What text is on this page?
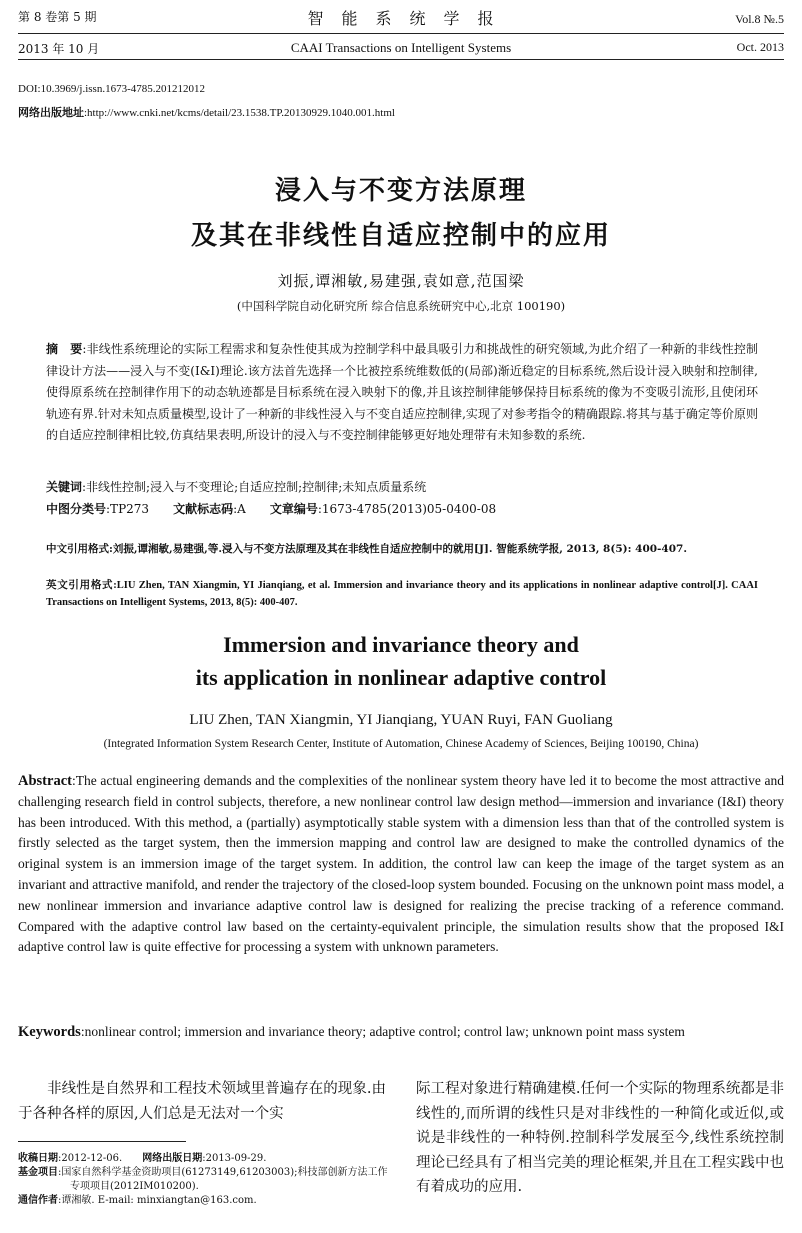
第 8 卷第 5 期
2013 年 10 月
智　能　系　统　学　报
CAAI Transactions on Intelligent Systems
Vol.8 №.5
Oct. 2013
DOI:10.3969/j.issn.1673-4785.201212012
网络出版地址:http://www.cnki.net/kcms/detail/23.1538.TP.20130929.1040.001.html
浸入与不变方法原理
及其在非线性自适应控制中的应用
刘振,谭湘敏,易建强,袁如意,范国梁
(中国科学院自动化研究所 综合信息系统研究中心,北京 100190)
摘　要:非线性系统理论的实际工程需求和复杂性使其成为控制学科中最具吸引力和挑战性的研究领域,为此介绍了一种新的非线性控制律设计方法——浸入与不变(I&I)理论.该方法首先选择一个比被控系统维数低的(局部)渐近稳定的目标系统,然后设计浸入映射和控制律,使得原系统在控制律作用下的动态轨迹都是目标系统在浸入映射下的像,并且该控制律能够保持目标系统的像为不变吸引流形,且使闭环轨迹有界.针对未知点质量模型,设计了一种新的非线性浸入与不变自适应控制律,实现了对参考指令的精确跟踪.将其与基于确定等价原则的自适应控制律相比较,仿真结果表明,所设计的浸入与不变控制律能够更好地处理带有未知参数的系统.
关键词:非线性控制;浸入与不变理论;自适应控制;控制律;未知点质量系统
中图分类号:TP273　　 文献标志码:A　　 文章编号:1673-4785(2013)05-0400-08
中文引用格式:刘振,谭湘敏,易建强,等.浸入与不变方法原理及其在非线性自适应控制中的就用[J]. 智能系统学报, 2013, 8(5): 400-407.
英文引用格式:LIU Zhen, TAN Xiangmin, YI Jianqiang, et al. Immersion and invariance theory and its applications in nonlinear adaptive control[J]. CAAI Transactions on Intelligent Systems, 2013, 8(5): 400-407.
Immersion and invariance theory and
its application in nonlinear adaptive control
LIU Zhen, TAN Xiangmin, YI Jianqiang, YUAN Ruyi, FAN Guoliang
(Integrated Information System Research Center, Institute of Automation, Chinese Academy of Sciences, Beijing 100190, China)
Abstract:The actual engineering demands and the complexities of the nonlinear system theory have led it to become the most attractive and challenging research field in control subjects, therefore, a new nonlinear control law design method—immersion and invariance (I&I) theory has been introduced. With this method, a (partially) asymptotically stable system with a dimension less than that of the controlled system is firstly selected as the target system, then the immersion mapping and control law are designed to make the controlled dynamics of the original system is an immersion image of the target system. In addition, the control law can keep the image of the target system as an invariant and attractive manifold, and render the trajectory of the closed-loop system bounded. Focusing on the unknown point mass model, a new nonlinear immersion and invariance adaptive control law is designed for realizing the precise tracking of a reference command. Compared with the adaptive control law based on the certainty-equivalent principle, the simulation results show that the proposed I&I adaptive control law is quite effective for processing a system with unknown parameters.
Keywords:nonlinear control; immersion and invariance theory; adaptive control; control law; unknown point mass system
　　非线性是自然界和工程技术领域里普遍存在的现象.由于各种各样的原因,人们总是无法对一个实
际工程对象进行精确建模.任何一个实际的物理系统都是非线性的,而所谓的线性只是对非线性的一种简化或近似,或说是非线性的一种特例.控制科学发展至今,线性系统控制理论已经具有了相当完美的理论框架,并且在工程实践中也有着成功的应用.
收稿日期:2012-12-06.　　 网络出版日期:2013-09-29.
基金项目:国家自然科学基金资助项目(61273149,61203003);科技部创新方法工作专项项目(2012IM010200).
通信作者:谭湘敏. E-mail: minxiangtan@163.com.
